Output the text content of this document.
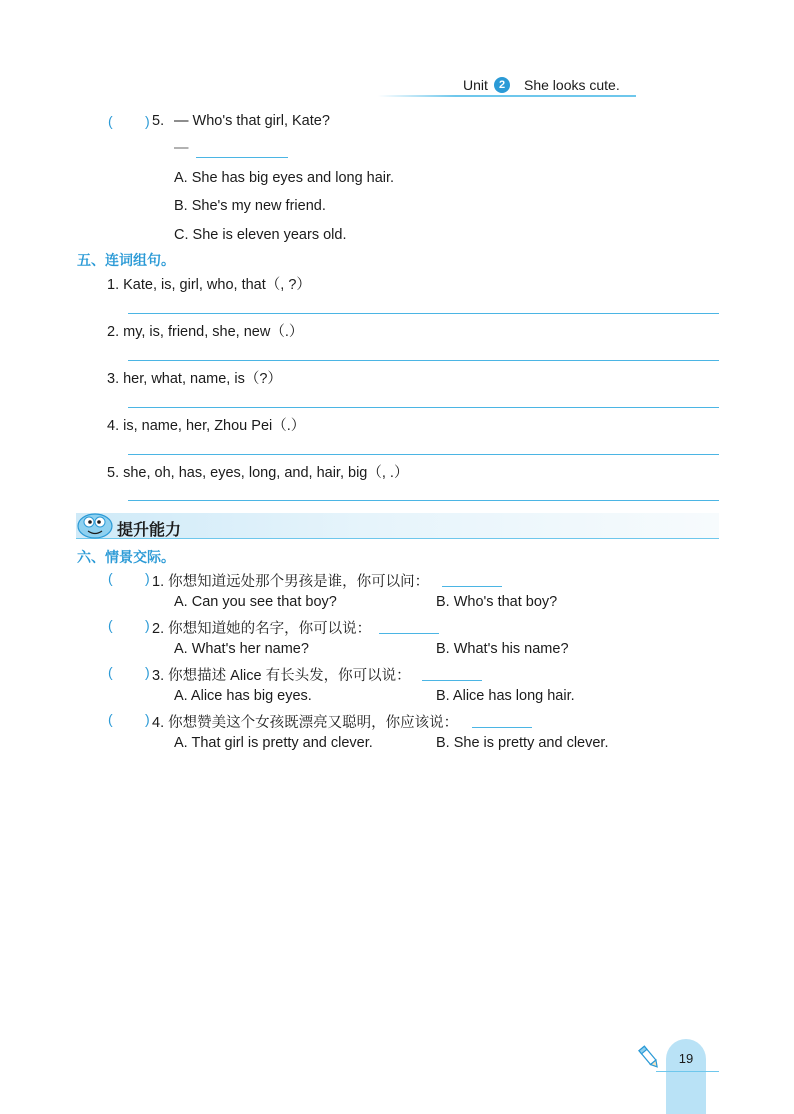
Unit	2	She looks cute.
( ) 5. — Who's that girl, Kate?
—
A. She has big eyes and long hair.
B. She's my new friend.
C. She is eleven years old.
五、连词组句。
1. Kate, is, girl, who, that（, ?）
2. my, is, friend, she, new（.）
3. her, what, name, is（?）
4. is, name, her, Zhou Pei（.）
5. she, oh, has, eyes, long, and, hair, big（, .）
提升能力
六、情景交际。
( ) 1. 你想知道远处那个男孩是谁，你可以问：
A. Can you see that boy?	B. Who's that boy?
( ) 2. 你想知道她的名字，你可以说：
A. What's her name?	B. What's his name?
( ) 3. 你想描述 Alice 有长头发，你可以说：
A. Alice has big eyes.	B. Alice has long hair.
( ) 4. 你想赞美这个女孩既漂亮又聪明，你应该说：
A. That girl is pretty and clever.	B. She is pretty and clever.
19
